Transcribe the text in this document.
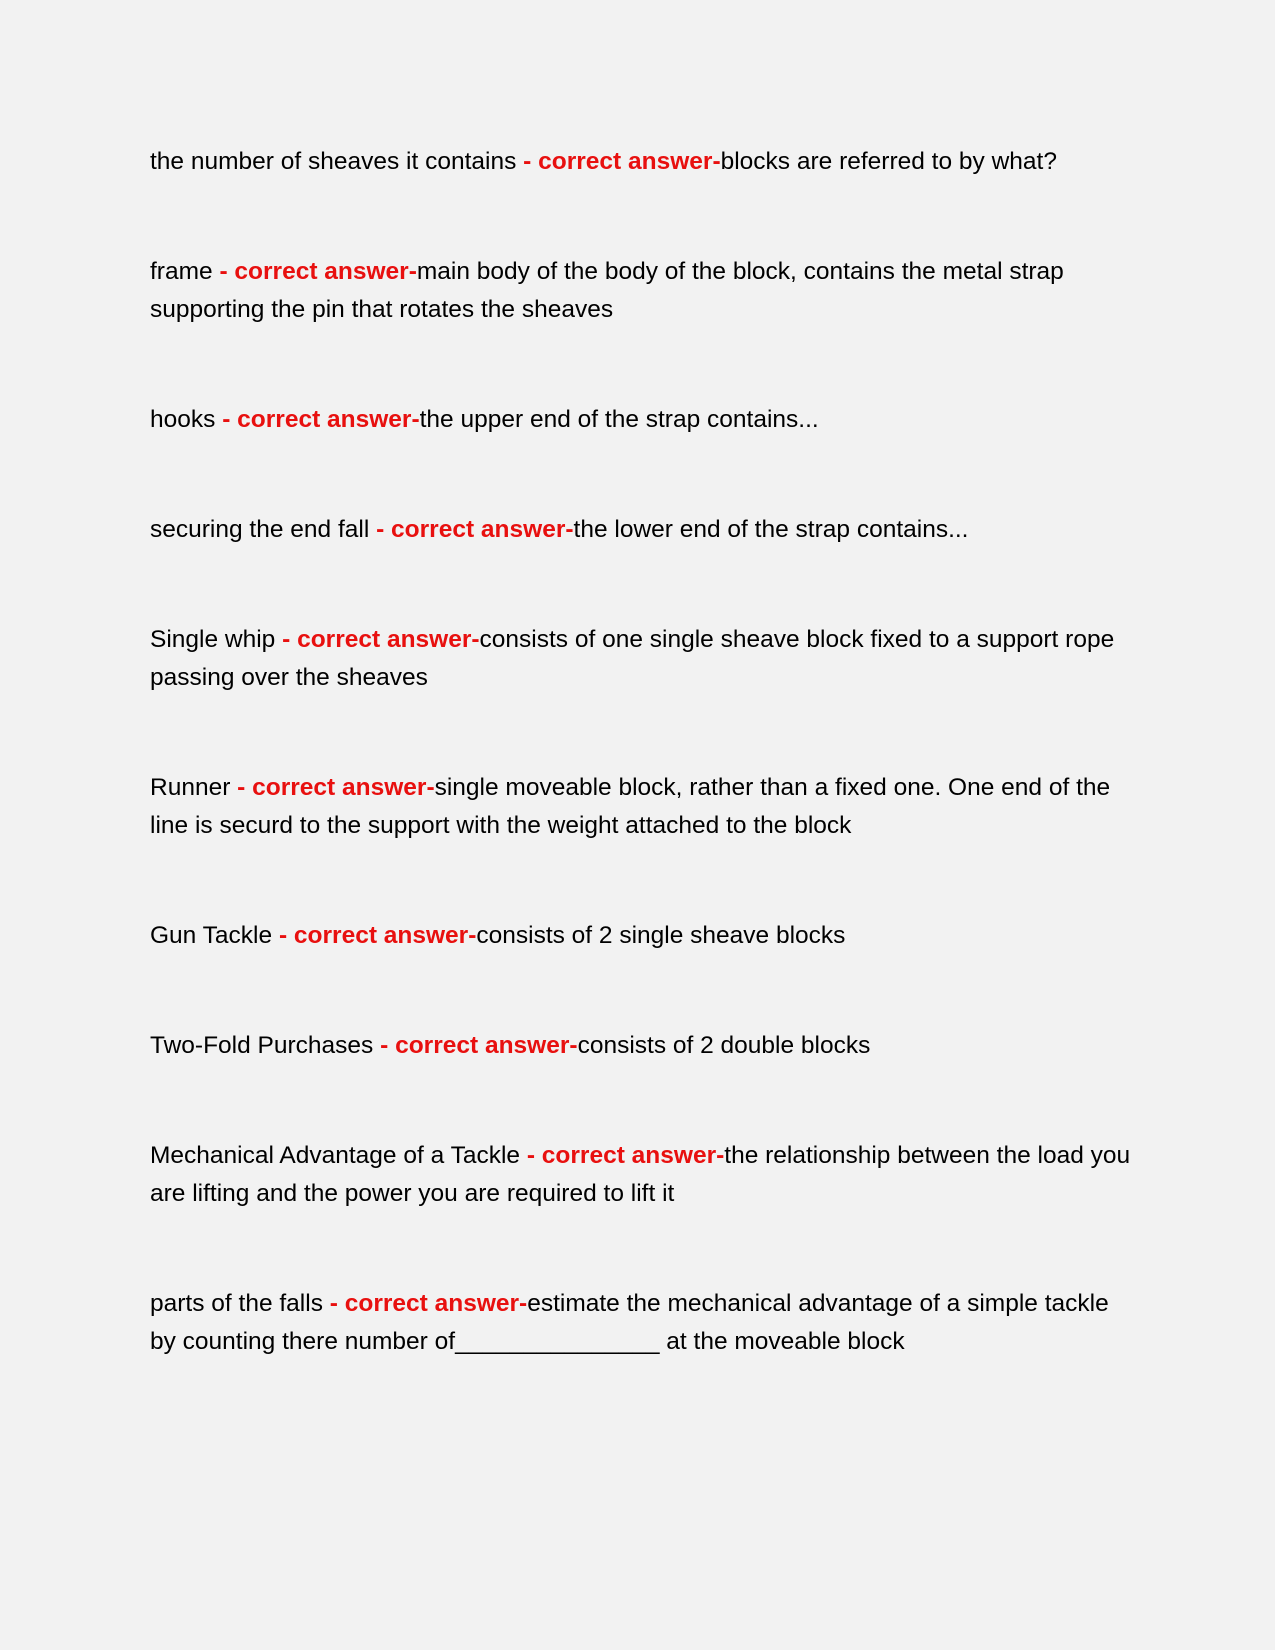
the number of sheaves it contains - correct answer-blocks are referred to by what?

frame - correct answer-main body of the body of the block, contains the metal strap supporting the pin that rotates the sheaves

hooks - correct answer-the upper end of the strap contains...

securing the end fall - correct answer-the lower end of the strap contains...

Single whip - correct answer-consists of one single sheave block fixed to a support rope passing over the sheaves

Runner - correct answer-single moveable block, rather than a fixed one. One end of the line is securd to the support with the weight attached to the block

Gun Tackle - correct answer-consists of 2 single sheave blocks

Two-Fold Purchases - correct answer-consists of 2 double blocks

Mechanical Advantage of a Tackle - correct answer-the relationship between the load you are lifting and the power you are required to lift it

parts of the falls - correct answer-estimate the mechanical advantage of a simple tackle by counting there number of_______________ at the moveable block
